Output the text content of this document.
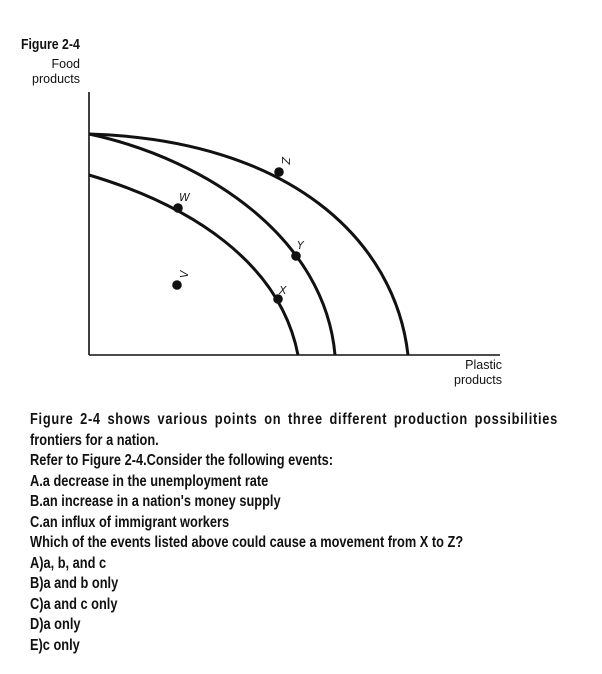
Figure 2-4
Food
products
V
W
X
Y
Z
Plastic
products
Figure 2-4 shows various points on three different production possibilities
frontiers for a nation.
Refer to Figure 2-4.Consider the following events:
A.a decrease in the unemployment rate
B.an increase in a nation's money supply
C.an influx of immigrant workers
Which of the events listed above could cause a movement from X to Z?
A)a, b, and c
B)a and b only
C)a and c only
D)a only
E)c only
